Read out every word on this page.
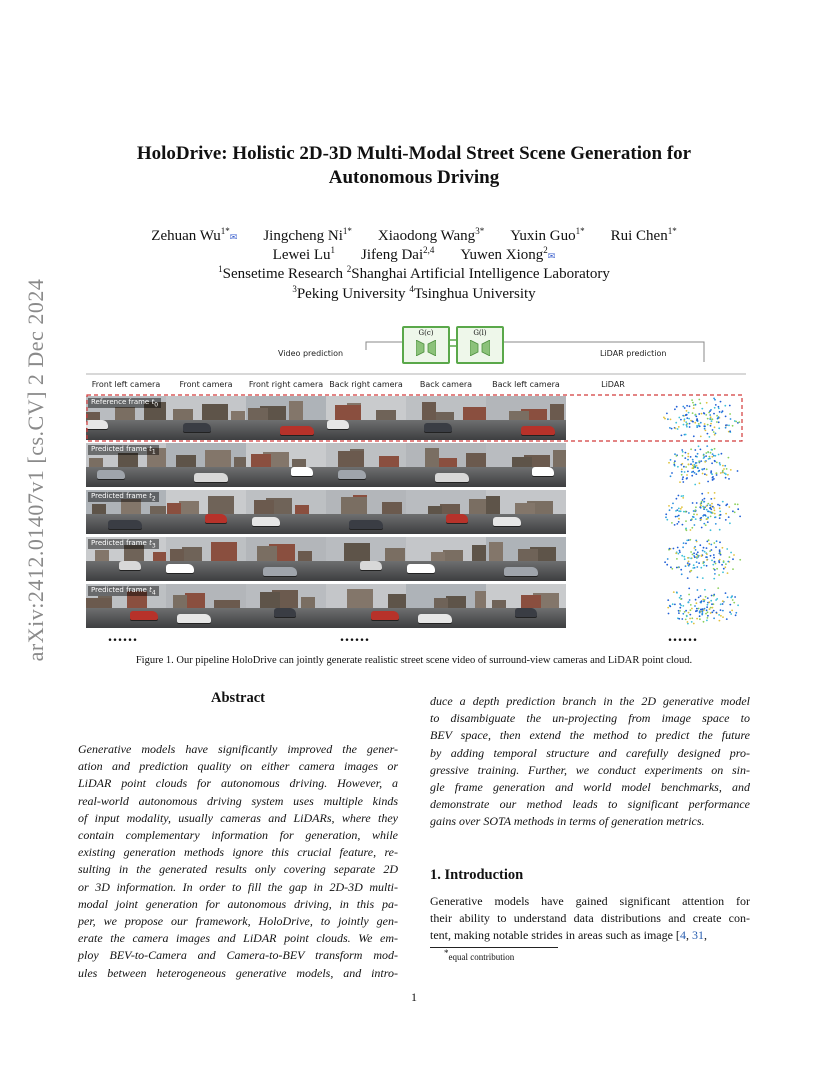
arXiv:2412.01407v1 [cs.CV] 2 Dec 2024
HoloDrive: Holistic 2D-3D Multi-Modal Street Scene Generation for
Autonomous Driving
Zehuan $Wu^{1*}✉$ Jingcheng $Ni^{1*}$ Xiaodong Wang$^{3*}$ Yuxin Guo$^{1*}$ Rui Chen$^{1*}$
Lewei Lu$^1$ Jifeng Dai$^{2,4}$ Yuwen Xiong$^2$✉
$^1$Sensetime Research $^2$Shanghai Artificial Intelligence Laboratory
$^3$Peking University $^4$Tsinghua University
Video prediction	LiDAR prediction
G(c)	G(l)
Front left camera	Front camera	Front right camera Back right camera	Back camera	Back left camera	LiDAR
Reference frame $t_0$
Predicted frame $t_1$
Predicted frame $t_2$
Predicted frame $t_3$
Predicted frame $t_4$
......	......	......
Figure 1. Our pipeline HoloDrive can jointly generate realistic street scene video of surround-view cameras and LiDAR point cloud.
Abstract
Generative models have significantly improved the gener-
ation and prediction quality on either camera images or
LiDAR point clouds for autonomous driving. However, a
real-world autonomous driving system uses multiple kinds
of input modality, usually cameras and LiDARs, where they
contain complementary information for generation, while
existing generation methods ignore this crucial feature, re-
sulting in the generated results only covering separate 2D
or 3D information. In order to fill the gap in 2D-3D multi-
modal joint generation for autonomous driving, in this pa-
per, we propose our framework, HoloDrive, to jointly gen-
erate the camera images and LiDAR point clouds. We em-
ploy BEV-to-Camera and Camera-to-BEV transform mod-
ules between heterogeneous generative models, and intro-
duce a depth prediction branch in the 2D generative model
to disambiguate the un-projecting from image space to
BEV space, then extend the method to predict the future
by adding temporal structure and carefully designed pro-
gressive training. Further, we conduct experiments on sin-
gle frame generation and world model benchmarks, and
demonstrate our method leads to significant performance
gains over SOTA methods in terms of generation metrics.
1. Introduction
Generative models have gained significant attention for
their ability to understand data distributions and create con-
tent, making notable strides in areas such as image [4, 31,
*equal contribution
1
